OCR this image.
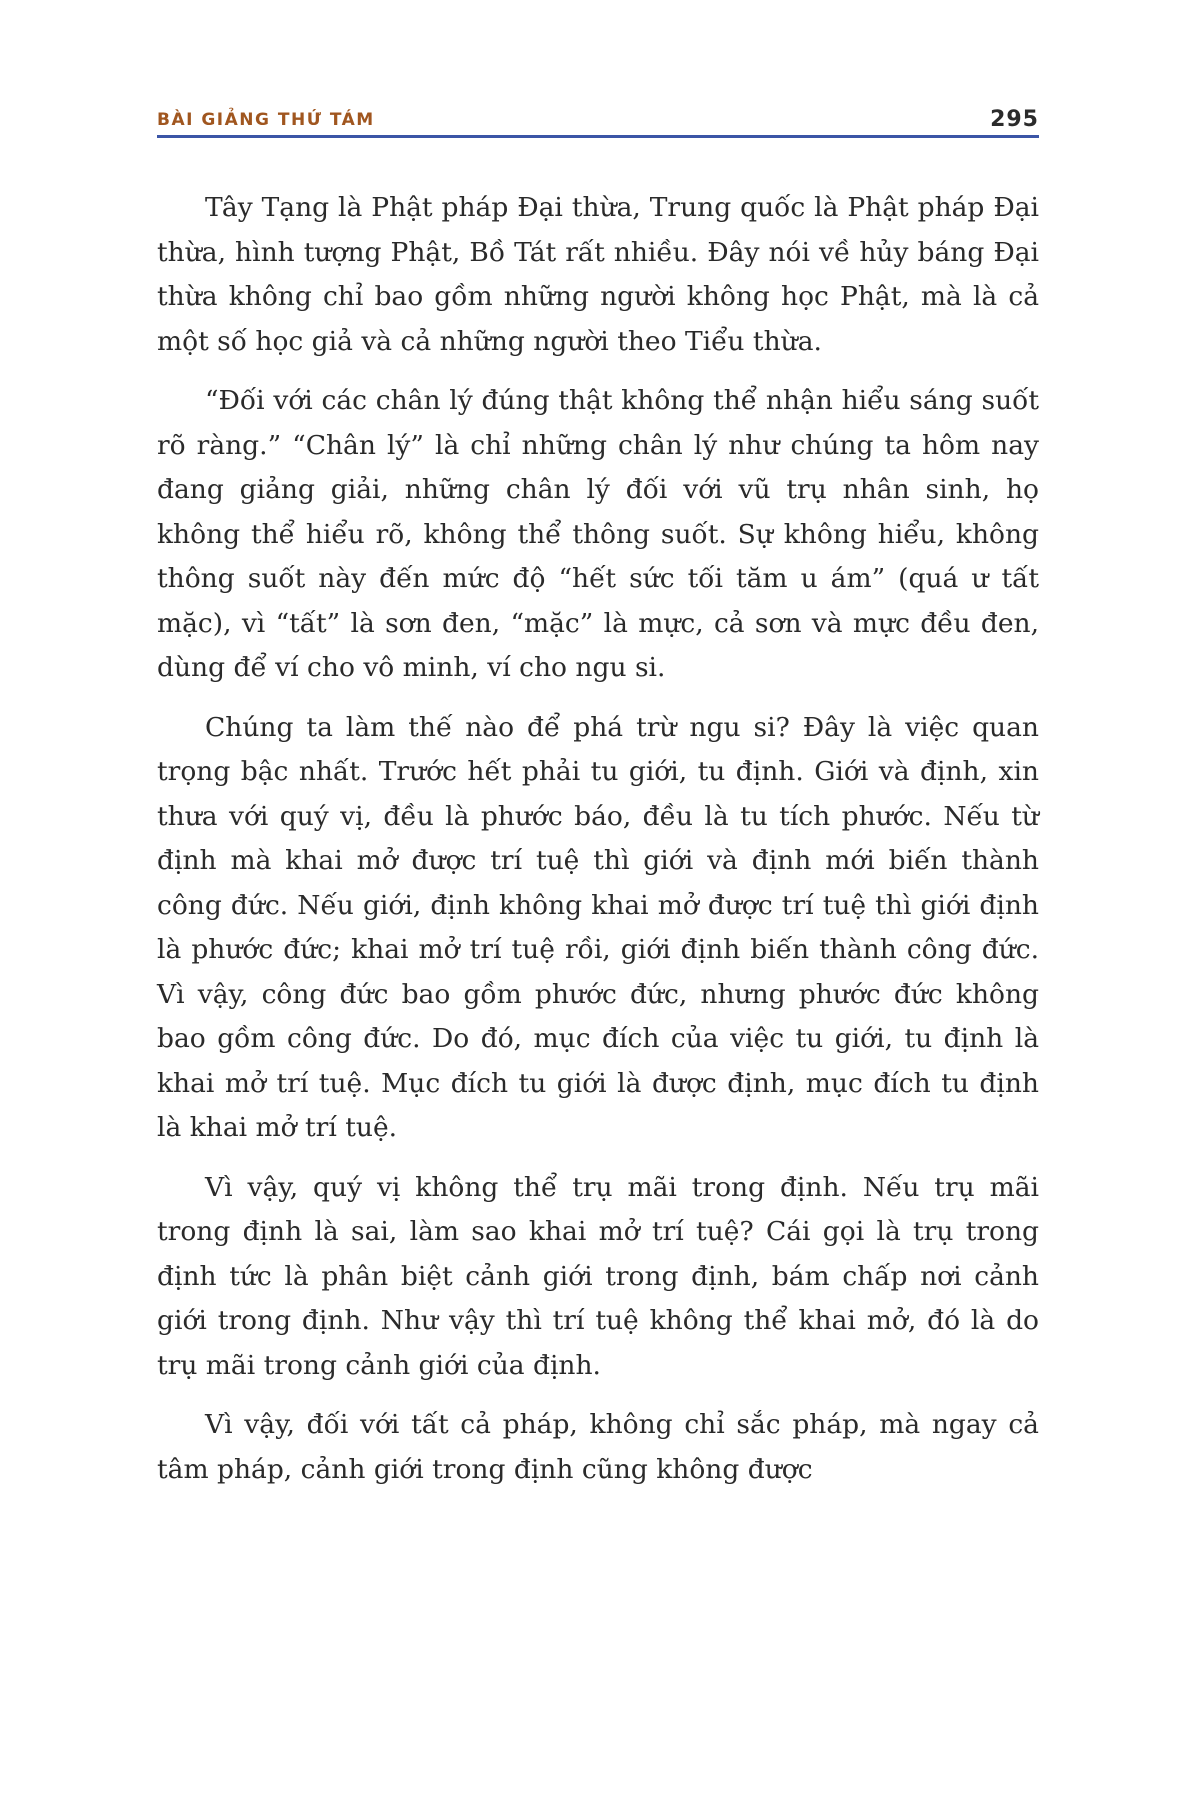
BÀI GIẢNG THỨ TÁM	295

Tây Tạng là Phật pháp Đại thừa, Trung quốc là Phật pháp Đại thừa, hình tượng Phật, Bồ Tát rất nhiều. Đây nói về hủy báng Đại thừa không chỉ bao gồm những người không học Phật, mà là cả một số học giả và cả những người theo Tiểu thừa.

“Đối với các chân lý đúng thật không thể nhận hiểu sáng suốt rõ ràng.” “Chân lý” là chỉ những chân lý như chúng ta hôm nay đang giảng giải, những chân lý đối với vũ trụ nhân sinh, họ không thể hiểu rõ, không thể thông suốt. Sự không hiểu, không thông suốt này đến mức độ “hết sức tối tăm u ám” (quá ư tất mặc), vì “tất” là sơn đen, “mặc” là mực, cả sơn và mực đều đen, dùng để ví cho vô minh, ví cho ngu si.

Chúng ta làm thế nào để phá trừ ngu si? Đây là việc quan trọng bậc nhất. Trước hết phải tu giới, tu định. Giới và định, xin thưa với quý vị, đều là phước báo, đều là tu tích phước. Nếu từ định mà khai mở được trí tuệ thì giới và định mới biến thành công đức. Nếu giới, định không khai mở được trí tuệ thì giới định là phước đức; khai mở trí tuệ rồi, giới định biến thành công đức. Vì vậy, công đức bao gồm phước đức, nhưng phước đức không bao gồm công đức. Do đó, mục đích của việc tu giới, tu định là khai mở trí tuệ. Mục đích tu giới là được định, mục đích tu định là khai mở trí tuệ.

Vì vậy, quý vị không thể trụ mãi trong định. Nếu trụ mãi trong định là sai, làm sao khai mở trí tuệ? Cái gọi là trụ trong định tức là phân biệt cảnh giới trong định, bám chấp nơi cảnh giới trong định. Như vậy thì trí tuệ không thể khai mở, đó là do trụ mãi trong cảnh giới của định.

Vì vậy, đối với tất cả pháp, không chỉ sắc pháp, mà ngay cả tâm pháp, cảnh giới trong định cũng không được
